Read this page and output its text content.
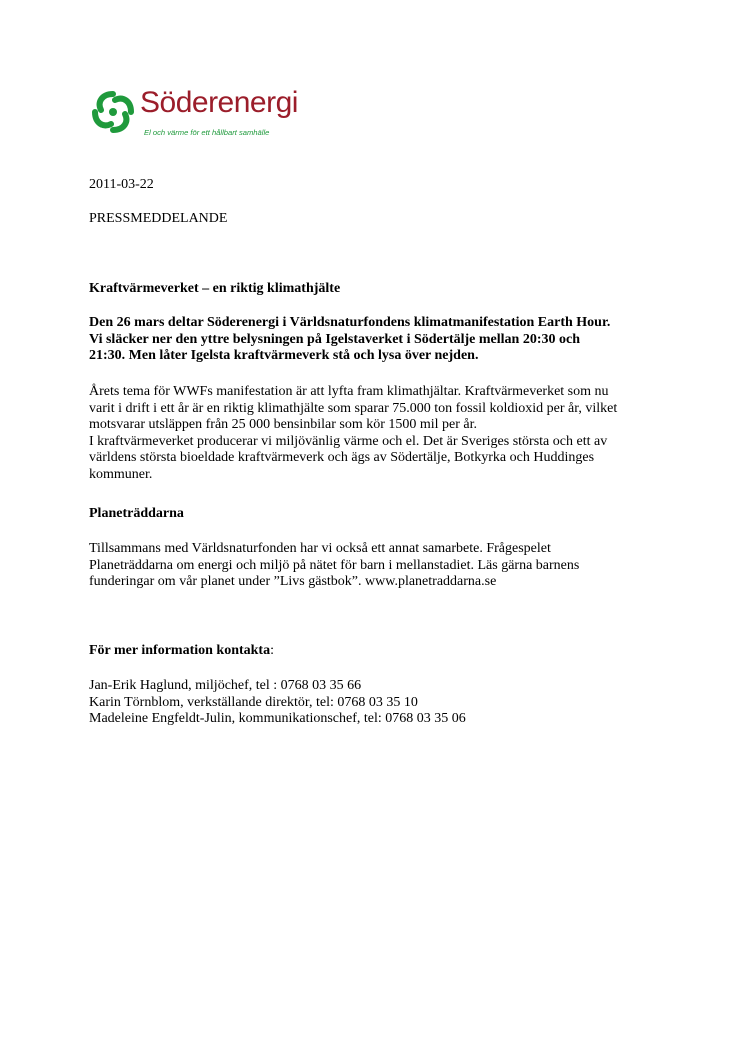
Söderenergi
El och värme för ett hållbart samhälle

2011-03-22

PRESSMEDDELANDE

Kraftvärmeverket – en riktig klimathjälte

Den 26 mars deltar Söderenergi i Världsnaturfondens klimatmanifestation Earth Hour.
Vi släcker ner den yttre belysningen på Igelstaverket i Södertälje mellan 20:30 och
21:30. Men låter Igelsta kraftvärmeverk stå och lysa över nejden.
Årets tema för WWFs manifestation är att lyfta fram klimathjältar. Kraftvärmeverket som nu
varit i drift i ett år är en riktig klimathjälte som sparar 75.000 ton fossil koldioxid per år, vilket
motsvarar utsläppen från 25 000 bensinbilar som kör 1500 mil per år.
I kraftvärmeverket producerar vi miljövänlig värme och el. Det är Sveriges största och ett av
världens största bioeldade kraftvärmeverk och ägs av Södertälje, Botkyrka och Huddinges
kommuner.

Planeträddarna

Tillsammans med Världsnaturfonden har vi också ett annat samarbete. Frågespelet
Planeträddarna om energi och miljö på nätet för barn i mellanstadiet. Läs gärna barnens
funderingar om vår planet under ”Livs gästbok”. www.planetraddarna.se

För mer information kontakta:

Jan-Erik Haglund, miljöchef, tel : 0768 03 35 66
Karin Törnblom, verkställande direktör, tel: 0768 03 35 10
Madeleine Engfeldt-Julin, kommunikationschef, tel: 0768 03 35 06
